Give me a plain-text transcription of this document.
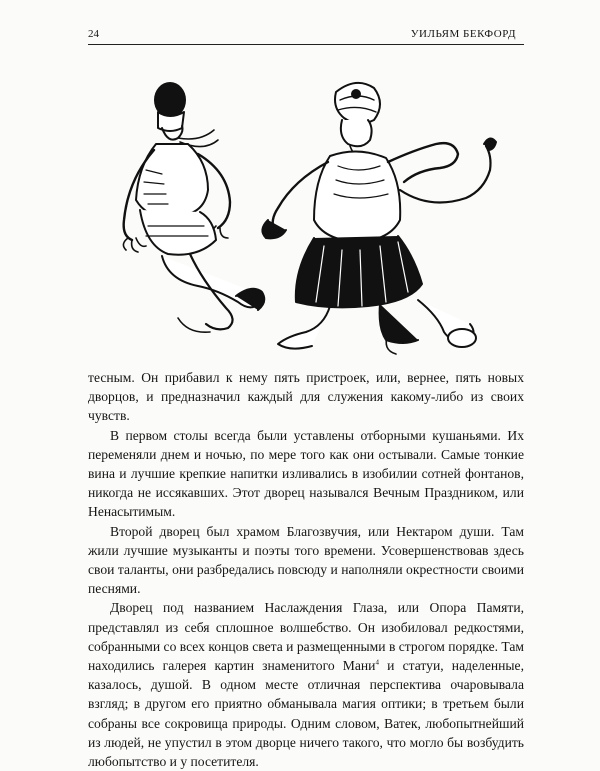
24	УИЛЬЯМ БЕКФОРД

тесным. Он прибавил к нему пять пристроек, или, вернее, пять новых дворцов, и предназначил каждый для служения какому-либо из своих чувств.

В первом столы всегда были уставлены отборными кушаньями. Их переменяли днем и ночью, по мере того как они остывали. Самые тонкие вина и лучшие крепкие напитки изливались в изобилии сотней фонтанов, никогда не иссякавших. Этот дворец назывался Вечным Праздником, или Ненасытимым.

Второй дворец был храмом Благозвучия, или Нектаром души. Там жили лучшие музыканты и поэты того времени. Усовершенствовав здесь свои таланты, они разбредались повсюду и наполняли окрестности своими песнями.

Дворец под названием Наслаждения Глаза, или Опора Памяти, представлял из себя сплошное волшебство. Он изобиловал редкостями, собранными со всех концов света и размещенными в строгом порядке. Там находились галерея картин знаменитого Мани$^4$ и статуи, наделенные, казалось, душой. В одном месте отличная перспектива очаровывала взгляд; в другом его приятно обманывала магия оптики; в третьем были собраны все сокровища природы. Одним словом, Ватек, любопытнейший из людей, не упустил в этом дворце ничего такого, что могло бы возбудить любопытство и у посетителя.
